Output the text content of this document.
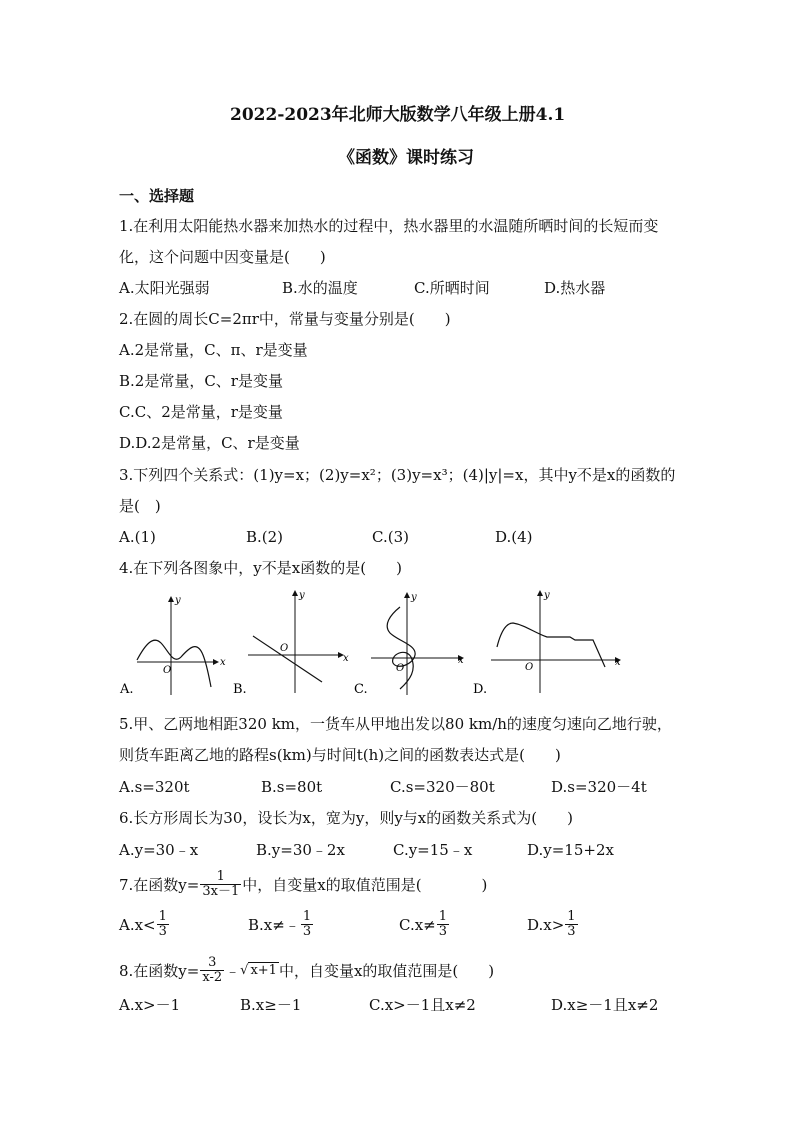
2022-2023年北师大版数学八年级上册4.1
《函数》课时练习
一、选择题
1.在利用太阳能热水器来加热水的过程中，热水器里的水温随所晒时间的长短而变
化，这个问题中因变量是(　　)
A.太阳光强弱	B.水的温度	C.所晒时间	D.热水器
2.在圆的周长C=2πr中，常量与变量分别是(　　)
A.2是常量，C、π、r是变量
B.2是常量，C、r是变量
C.C、2是常量，r是变量
D.D.2是常量，C、r是变量
3.下列四个关系式：(1)y=x；(2)y=x²；(3)y=x³；(4)|y|=x，其中y不是x的函数的
是(　)
A.(1)	B.(2)	C.(3)	D.(4)
4.在下列各图象中，y不是x函数的是(　　)
y
x
O
A.
y
x
O
B.
y
x
O
C.
y
x
O
D.
5.甲、乙两地相距320 km，一货车从甲地出发以80 km/h的速度匀速向乙地行驶，
则货车距离乙地的路程s(km)与时间t(h)之间的函数表达式是(　　)
A.s=320t	B.s=80t	C.s=320－80t	D.s=320－4t
6.长方形周长为30，设长为x，宽为y，则y与x的函数关系式为(　　)
A.y=30﹣x	B.y=30﹣2x	C.y=15﹣x	D.y=15+2x
7.在函数$y= \frac{1}{3x-1}$ 中，自变量x的取值范围是(　　　　)
$A.x< \frac{1}{3}$	B.x≠﹣ $\frac{1}{3}$	$C.x\ne \frac{1}{3}$	$D.x> \frac{1}{3}$
8.在函数$y= \frac{3}{x-2}$ ﹣ √ x+1 中，自变量x的取值范围是(　　)
A.x>－1	B.x≥－1	C.x>－1且x≠2	D.x≥－1且x≠2
